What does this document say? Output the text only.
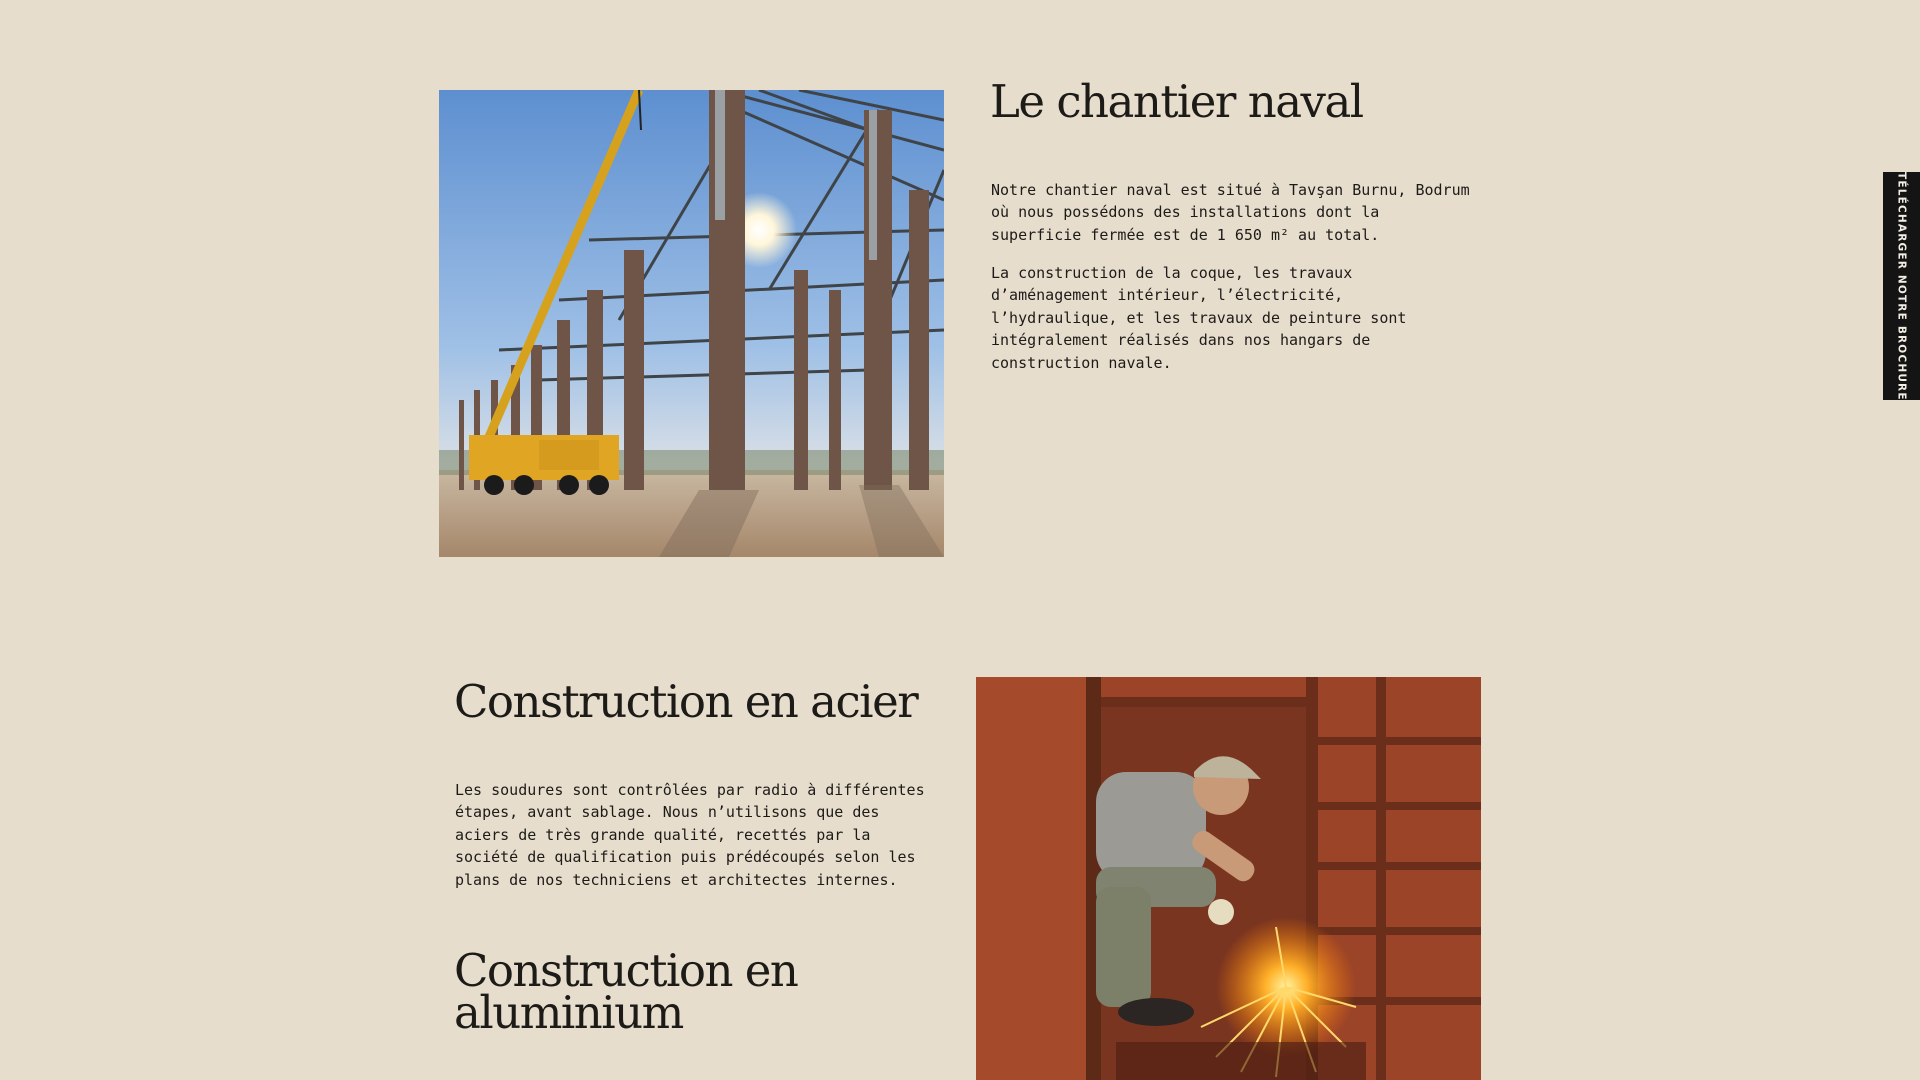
Le chantier naval

Notre chantier naval est situé à Tavşan Burnu, Bodrum où nous possédons des installations dont la superficie fermée est de 1 650 m² au total.

La construction de la coque, les travaux d’aménagement intérieur, l’électricité, l’hydraulique, et les travaux de peinture sont intégralement réalisés dans nos hangars de construction navale.

Construction en acier

Les soudures sont contrôlées par radio à différentes étapes, avant sablage. Nous n’utilisons que des aciers de très grande qualité, recettés par la société de qualification puis prédécoupés selon les plans de nos techniciens et architectes internes.

Construction en aluminium
TÉLÉCHARGER NOTRE BROCHURE
